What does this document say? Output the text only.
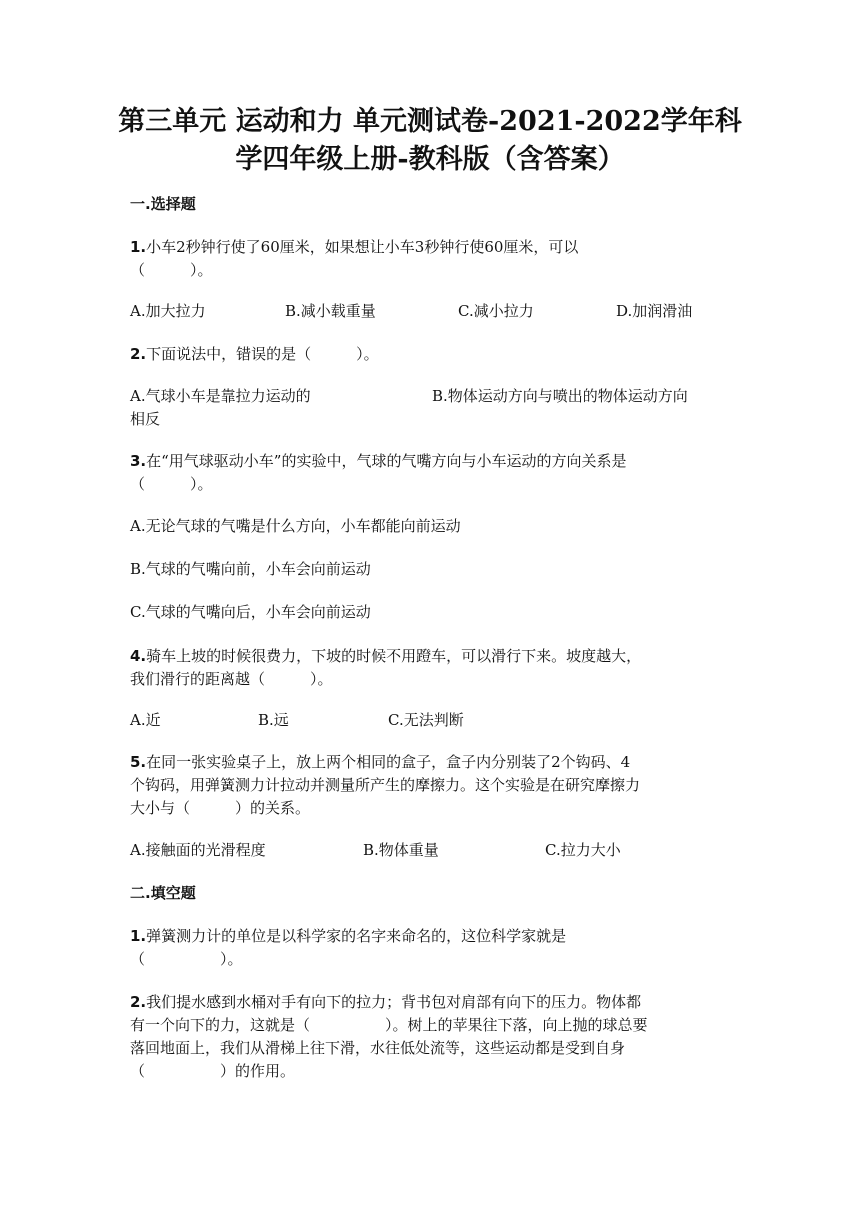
第三单元 运动和力 单元测试卷-2021-2022学年科
学四年级上册-教科版（含答案）
一.选择题
1.小车2秒钟行使了60厘米，如果想让小车3秒钟行使60厘米，可以
（　　　）。
A.加大拉力	B.减小载重量	C.减小拉力	D.加润滑油
2.下面说法中，错误的是（　　　）。
A.气球小车是靠拉力运动的	B.物体运动方向与喷出的物体运动方向
相反
3.在“用气球驱动小车”的实验中，气球的气嘴方向与小车运动的方向关系是
（　　　）。
A.无论气球的气嘴是什么方向，小车都能向前运动
B.气球的气嘴向前，小车会向前运动
C.气球的气嘴向后，小车会向前运动
4.骑车上坡的时候很费力，下坡的时候不用蹬车，可以滑行下来。坡度越大，
我们滑行的距离越（　　　）。
A.近	B.远	C.无法判断
5.在同一张实验桌子上，放上两个相同的盒子，盒子内分别装了2个钩码、4
个钩码，用弹簧测力计拉动并测量所产生的摩擦力。这个实验是在研究摩擦力
大小与（　　　）的关系。
A.接触面的光滑程度	B.物体重量	C.拉力大小
二.填空题
1.弹簧测力计的单位是以科学家的名字来命名的，这位科学家就是
（　　　　　）。
2.我们提水感到水桶对手有向下的拉力；背书包对肩部有向下的压力。物体都
有一个向下的力，这就是（　　　　　）。树上的苹果往下落，向上抛的球总要
落回地面上，我们从滑梯上往下滑，水往低处流等，这些运动都是受到自身
（　　　　　）的作用。
